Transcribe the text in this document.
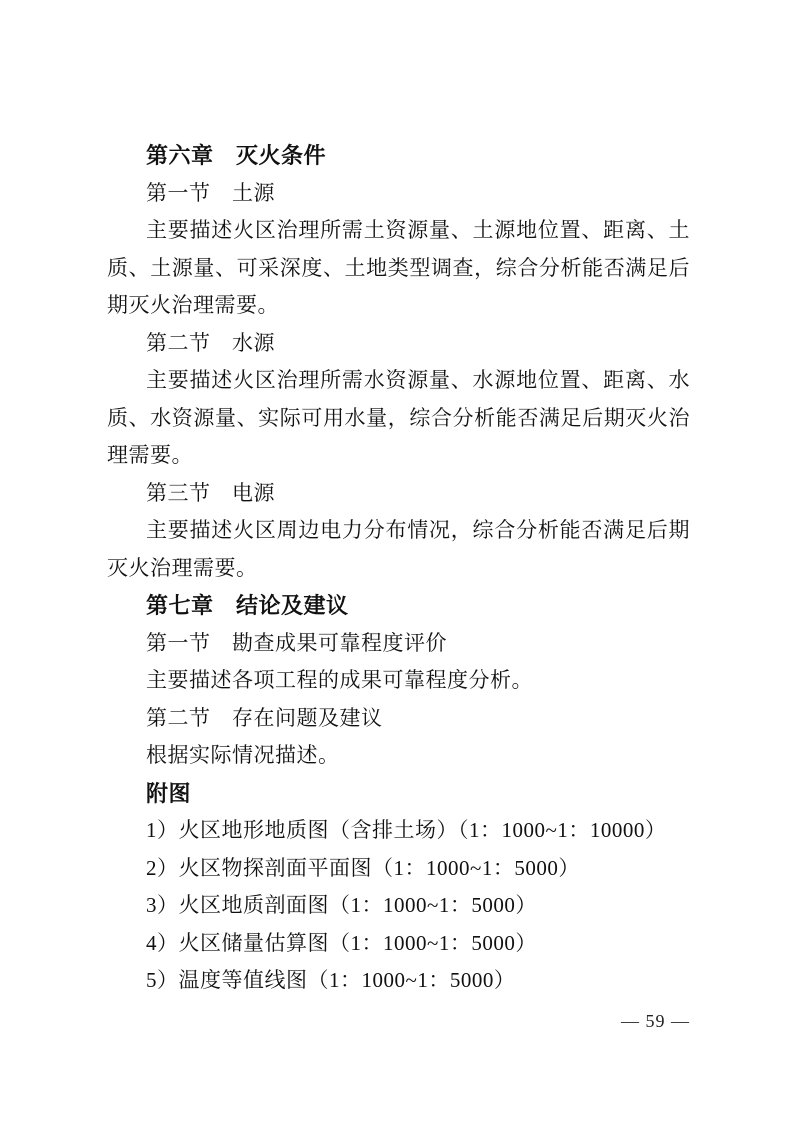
第六章　灭火条件
第一节　土源
主要描述火区治理所需土资源量、土源地位置、距离、土
质、土源量、可采深度、土地类型调查，综合分析能否满足后
期灭火治理需要。
第二节　水源
主要描述火区治理所需水资源量、水源地位置、距离、水
质、水资源量、实际可用水量，综合分析能否满足后期灭火治
理需要。
第三节　电源
主要描述火区周边电力分布情况，综合分析能否满足后期
灭火治理需要。
第七章　结论及建议
第一节　勘查成果可靠程度评价
主要描述各项工程的成果可靠程度分析。
第二节　存在问题及建议
根据实际情况描述。
附图
1）火区地形地质图（含排土场）（1：1000~1：10000）
2）火区物探剖面平面图（1：1000~1：5000）
3）火区地质剖面图（1：1000~1：5000）
4）火区储量估算图（1：1000~1：5000）
5）温度等值线图（1：1000~1：5000）
— 59 —
